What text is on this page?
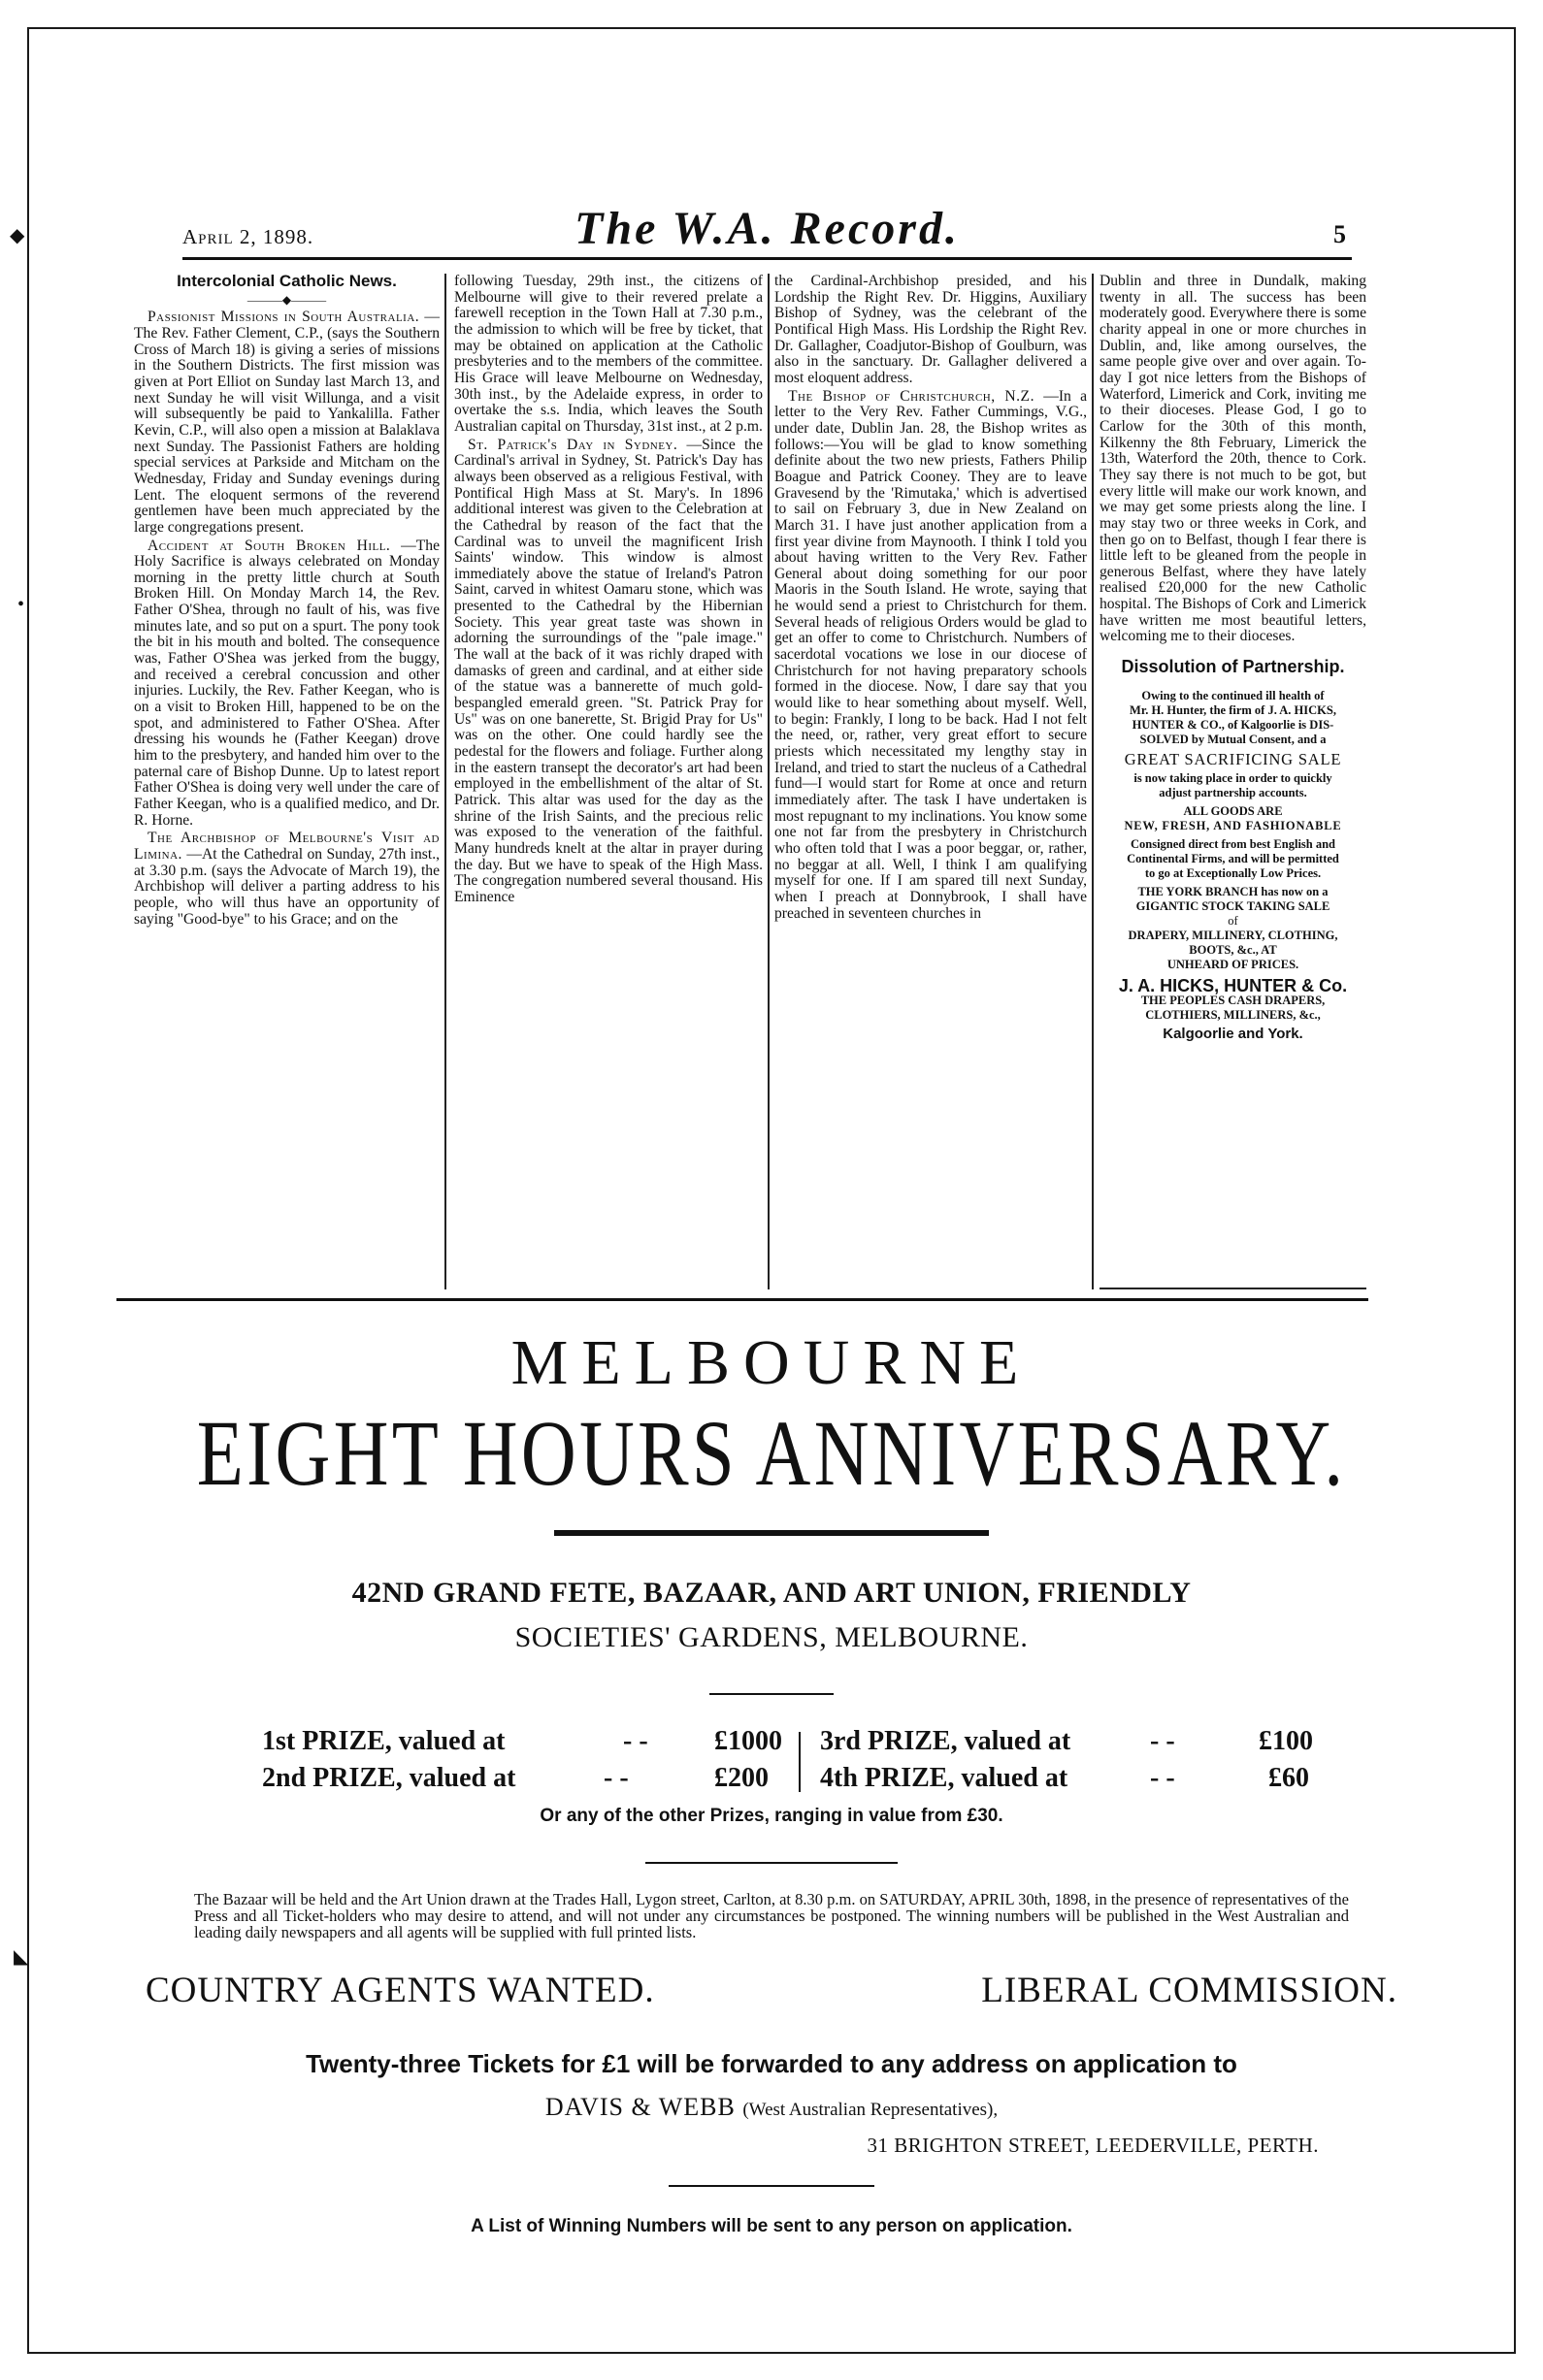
◆
•
◣
April 2, 1898.	The W.A. Record.	5

Intercolonial Catholic News.

———◆———

Passionist Missions in South Australia. — The Rev. Father Clement, C.P., (says the Southern Cross of March 18) is giving a series of missions in the Southern Districts. The first mission was given at Port Elliot on Sunday last March 13, and next Sunday he will visit Willunga, and a visit will subsequently be paid to Yankalilla. Father Kevin, C.P., will also open a mission at Balaklava next Sunday. The Passionist Fathers are holding special services at Parkside and Mitcham on the Wednesday, Friday and Sunday evenings during Lent. The eloquent sermons of the reverend gentlemen have been much appreciated by the large congregations present.

Accident at South Broken Hill. —The Holy Sacrifice is always celebrated on Monday morning in the pretty little church at South Broken Hill. On Monday March 14, the Rev. Father O'Shea, through no fault of his, was five minutes late, and so put on a spurt. The pony took the bit in his mouth and bolted. The consequence was, Father O'Shea was jerked from the buggy, and received a cerebral concussion and other injuries. Luckily, the Rev. Father Keegan, who is on a visit to Broken Hill, happened to be on the spot, and administered to Father O'Shea. After dressing his wounds he (Father Keegan) drove him to the presbytery, and handed him over to the paternal care of Bishop Dunne. Up to latest report Father O'Shea is doing very well under the care of Father Keegan, who is a qualified medico, and Dr. R. Horne.

The Archbishop of Melbourne's Visit ad Limina. —At the Cathedral on Sunday, 27th inst., at 3.30 p.m. (says the Advocate of March 19), the Archbishop will deliver a parting address to his people, who will thus have an opportunity of saying "Good-bye" to his Grace; and on the

following Tuesday, 29th inst., the citizens of Melbourne will give to their revered prelate a farewell reception in the Town Hall at 7.30 p.m., the admission to which will be free by ticket, that may be obtained on application at the Catholic presbyteries and to the members of the committee. His Grace will leave Melbourne on Wednesday, 30th inst., by the Adelaide express, in order to overtake the s.s. India, which leaves the South Australian capital on Thursday, 31st inst., at 2 p.m.

St. Patrick's Day in Sydney. —Since the Cardinal's arrival in Sydney, St. Patrick's Day has always been observed as a religious Festival, with Pontifical High Mass at St. Mary's. In 1896 additional interest was given to the Celebration at the Cathedral by reason of the fact that the Cardinal was to unveil the magnificent Irish Saints' window. This window is almost immediately above the statue of Ireland's Patron Saint, carved in whitest Oamaru stone, which was presented to the Cathedral by the Hibernian Society. This year great taste was shown in adorning the surroundings of the "pale image." The wall at the back of it was richly draped with damasks of green and cardinal, and at either side of the statue was a bannerette of much gold-bespangled emerald green. "St. Patrick Pray for Us" was on one banerette, St. Brigid Pray for Us" was on the other. One could hardly see the pedestal for the flowers and foliage. Further along in the eastern transept the decorator's art had been employed in the embellishment of the altar of St. Patrick. This altar was used for the day as the shrine of the Irish Saints, and the precious relic was exposed to the veneration of the faithful. Many hundreds knelt at the altar in prayer during the day. But we have to speak of the High Mass. The congregation numbered several thousand. His Eminence

the Cardinal-Archbishop presided, and his Lordship the Right Rev. Dr. Higgins, Auxiliary Bishop of Sydney, was the celebrant of the Pontifical High Mass. His Lordship the Right Rev. Dr. Gallagher, Coadjutor-Bishop of Goulburn, was also in the sanctuary. Dr. Gallagher delivered a most eloquent address.

The Bishop of Christchurch, N.Z. —In a letter to the Very Rev. Father Cummings, V.G., under date, Dublin Jan. 28, the Bishop writes as follows:—You will be glad to know something definite about the two new priests, Fathers Philip Boague and Patrick Cooney. They are to leave Gravesend by the 'Rimutaka,' which is advertised to sail on February 3, due in New Zealand on March 31. I have just another application from a first year divine from Maynooth. I think I told you about having written to the Very Rev. Father General about doing something for our poor Maoris in the South Island. He wrote, saying that he would send a priest to Christchurch for them. Several heads of religious Orders would be glad to get an offer to come to Christchurch. Numbers of sacerdotal vocations we lose in our diocese of Christchurch for not having preparatory schools formed in the diocese. Now, I dare say that you would like to hear something about myself. Well, to begin: Frankly, I long to be back. Had I not felt the need, or, rather, very great effort to secure priests which necessitated my lengthy stay in Ireland, and tried to start the nucleus of a Cathedral fund—I would start for Rome at once and return immediately after. The task I have undertaken is most repugnant to my inclinations. You know some one not far from the presbytery in Christchurch who often told that I was a poor beggar, or, rather, no beggar at all. Well, I think I am qualifying myself for one. If I am spared till next Sunday, when I preach at Donnybrook, I shall have preached in seventeen churches in

Dublin and three in Dundalk, making twenty in all. The success has been moderately good. Everywhere there is some charity appeal in one or more churches in Dublin, and, like among ourselves, the same people give over and over again. To-day I got nice letters from the Bishops of Waterford, Limerick and Cork, inviting me to their dioceses. Please God, I go to Carlow for the 30th of this month, Kilkenny the 8th February, Limerick the 13th, Waterford the 20th, thence to Cork. They say there is not much to be got, but every little will make our work known, and we may get some priests along the line. I may stay two or three weeks in Cork, and then go on to Belfast, though I fear there is little left to be gleaned from the people in generous Belfast, where they have lately realised £20,000 for the new Catholic hospital. The Bishops of Cork and Limerick have written me most beautiful letters, welcoming me to their dioceses.

Dissolution of Partnership.
Owing to the continued ill health of
Mr. H. Hunter, the firm of J. A. HICKS,
HUNTER & CO., of Kalgoorlie is DIS-
SOLVED by Mutual Consent, and a
GREAT SACRIFICING SALE
is now taking place in order to quickly
adjust partnership accounts.
ALL GOODS ARE
NEW, FRESH, AND FASHIONABLE
Consigned direct from best English and
Continental Firms, and will be permitted
to go at Exceptionally Low Prices.
THE YORK BRANCH has now on a
GIGANTIC STOCK TAKING SALE
of
DRAPERY, MILLINERY, CLOTHING,
BOOTS, &c., AT
UNHEARD OF PRICES.
J. A. HICKS, HUNTER & Co.
THE PEOPLES CASH DRAPERS,
CLOTHIERS, MILLINERS, &c.,
Kalgoorlie and York.
MELBOURNE
EIGHT HOURS ANNIVERSARY.
42ND GRAND FETE, BAZAAR, AND ART UNION, FRIENDLY
SOCIETIES' GARDENS, MELBOURNE.
1st PRIZE, valued at	- - £1000
2nd PRIZE, valued at	- -	£200
3rd PRIZE, valued at	- -	£100
4th PRIZE, valued at	- -	£60
Or any of the other Prizes, ranging in value from £30.
The Bazaar will be held and the Art Union drawn at the Trades Hall, Lygon street, Carlton, at 8.30 p.m. on SATURDAY, APRIL 30th, 1898, in the presence of representatives of the Press and all Ticket-holders who may desire to attend, and will not under any circumstances be postponed. The winning numbers will be published in the West Australian and leading daily newspapers and all agents will be supplied with full printed lists.
COUNTRY AGENTS WANTED.	LIBERAL COMMISSION.
Twenty-three Tickets for £1 will be forwarded to any address on application to
DAVIS & WEBB (West Australian Representatives),
31 BRIGHTON STREET, LEEDERVILLE, PERTH.
A List of Winning Numbers will be sent to any person on application.
